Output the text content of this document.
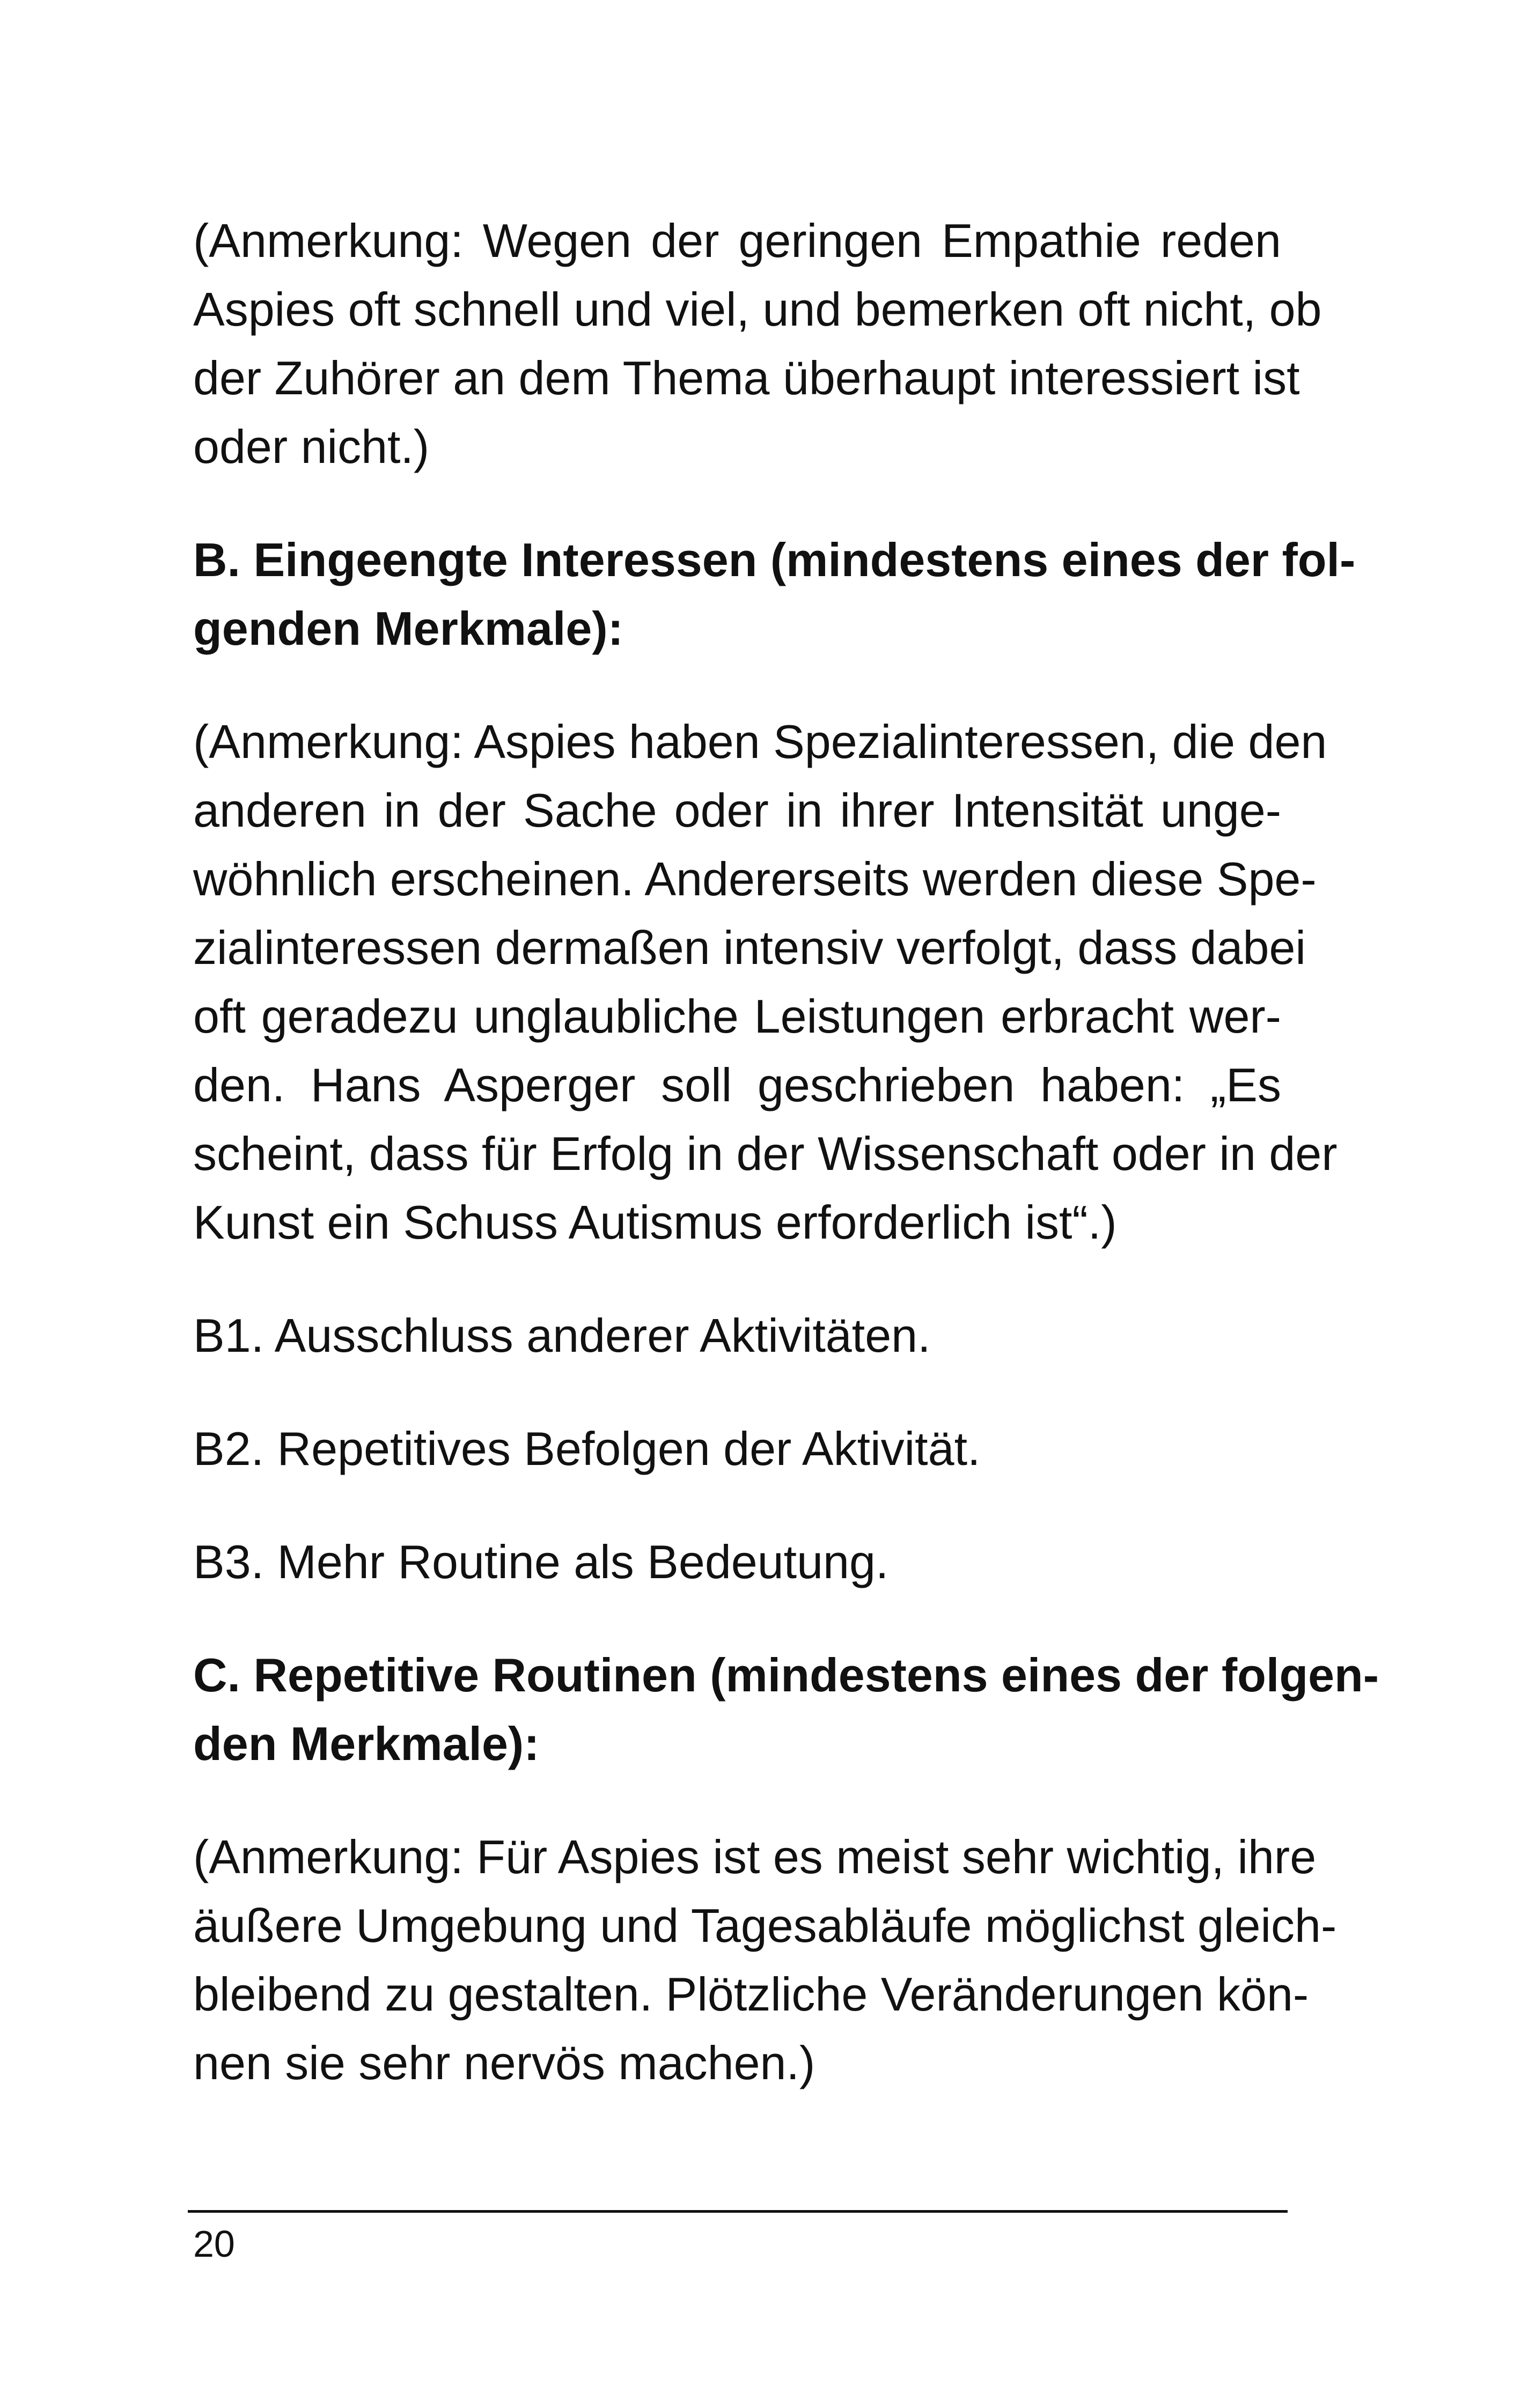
(Anmerkung: Wegen der geringen Empathie reden
Aspies oft schnell und viel, und bemerken oft nicht, ob
der Zuhörer an dem Thema überhaupt interessiert ist
oder nicht.)
B. Eingeengte Interessen (mindestens eines der fol-
genden Merkmale):
(Anmerkung: Aspies haben Spezialinteressen, die den
anderen in der Sache oder in ihrer Intensität unge-
wöhnlich erscheinen. Andererseits werden diese Spe-
zialinteressen dermaßen intensiv verfolgt, dass dabei
oft geradezu unglaubliche Leistungen erbracht wer-
den. Hans Asperger soll geschrieben haben: „Es
scheint, dass für Erfolg in der Wissenschaft oder in der
Kunst ein Schuss Autismus erforderlich ist“.)
B1. Ausschluss anderer Aktivitäten.
B2. Repetitives Befolgen der Aktivität.
B3. Mehr Routine als Bedeutung.
C. Repetitive Routinen (mindestens eines der folgen-
den Merkmale):
(Anmerkung: Für Aspies ist es meist sehr wichtig, ihre
äußere Umgebung und Tagesabläufe möglichst gleich-
bleibend zu gestalten. Plötzliche Veränderungen kön-
nen sie sehr nervös machen.)
20
